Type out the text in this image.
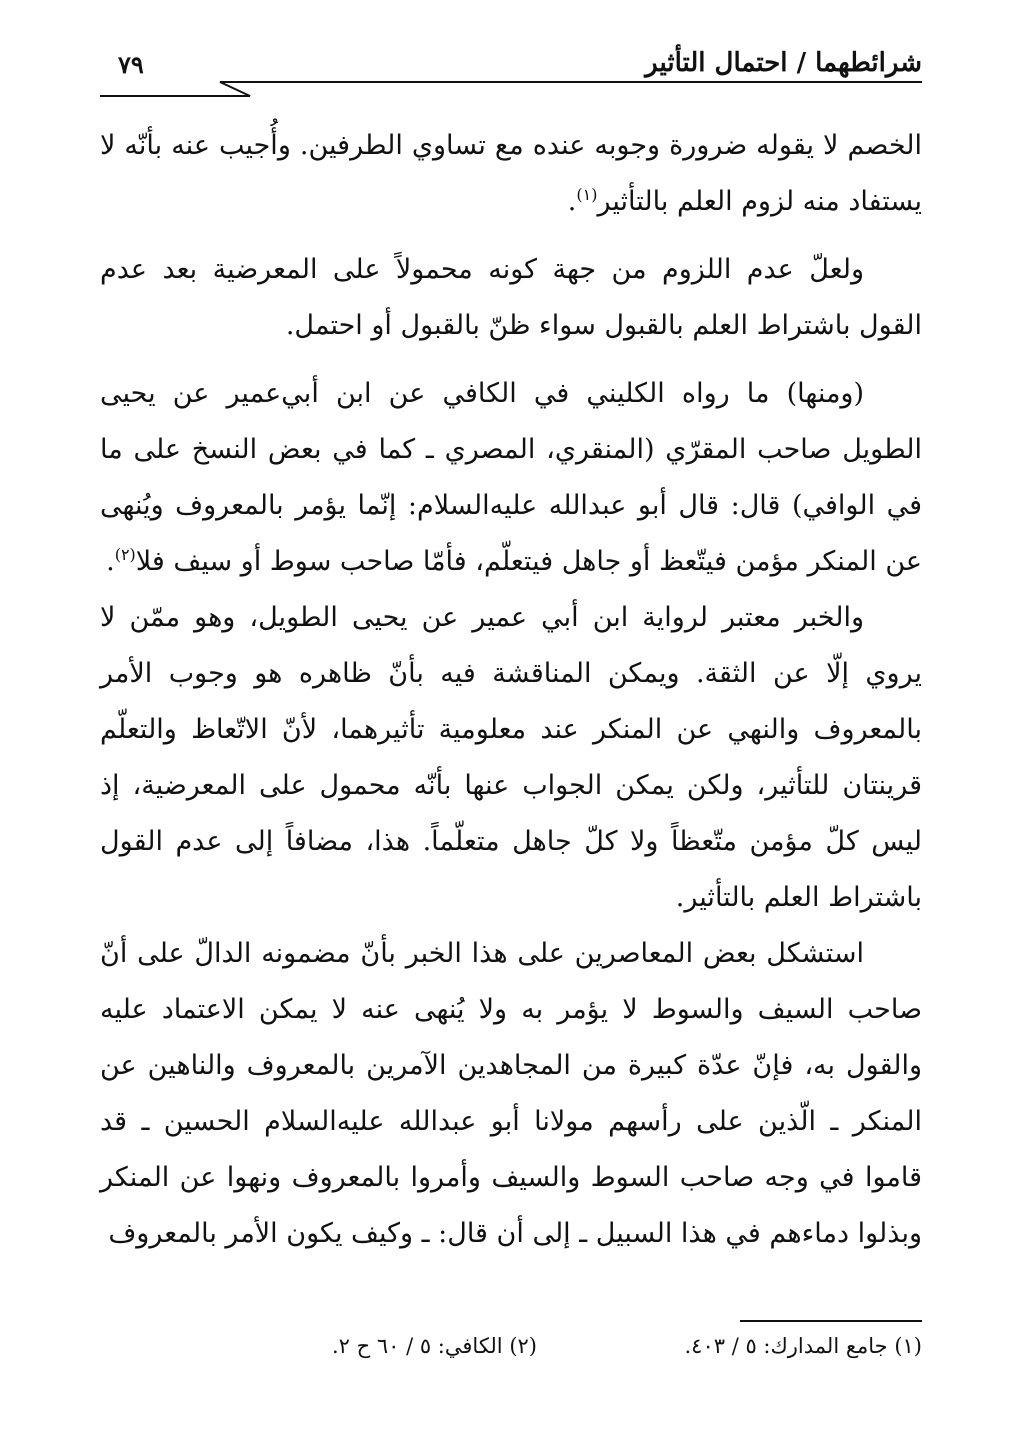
شرائطهما / احتمال التأثير
٧٩

الخصم لا يقوله ضرورة وجوبه عنده مع تساوي الطرفين. وأُجيب عنه بأنّه لا يستفاد منه لزوم العلم بالتأثير$^{(١)}$.

ولعلّ عدم اللزوم من جهة كونه محمولاً على المعرضية بعد عدم القول باشتراط العلم بالقبول سواء ظنّ بالقبول أو احتمل.

(ومنها) ما رواه الكليني في الكافي عن ابن أبي‌عمير عن يحيى الطويل صاحب المقرّي (المنقري، المصري ـ كما في بعض النسخ على ما في الوافي) قال: قال أبو عبدالله عليه‌السلام: إنّما يؤمر بالمعروف ويُنهى عن المنكر مؤمن فيتّعظ أو جاهل فيتعلّم، فأمّا صاحب سوط أو سيف فلا$^{(٢)}$.

والخبر معتبر لرواية ابن أبي عمير عن يحيى الطويل، وهو ممّن لا يروي إلّا عن الثقة. ويمكن المناقشة فيه بأنّ ظاهره هو وجوب الأمر بالمعروف والنهي عن المنكر عند معلومية تأثيرهما، لأنّ الاتّعاظ والتعلّم قرينتان للتأثير، ولكن يمكن الجواب عنها بأنّه محمول على المعرضية، إذ ليس كلّ مؤمن متّعظاً ولا كلّ جاهل متعلّماً. هذا، مضافاً إلى عدم القول باشتراط العلم بالتأثير.

استشكل بعض المعاصرين على هذا الخبر بأنّ مضمونه الدالّ على أنّ صاحب السيف والسوط لا يؤمر به ولا يُنهى عنه لا يمكن الاعتماد عليه والقول به، فإنّ عدّة كبيرة من المجاهدين الآمرين بالمعروف والناهين عن المنكر ـ الّذين على رأسهم مولانا أبو عبدالله عليه‌السلام الحسين ـ قد قاموا في وجه صاحب السوط والسيف وأمروا بالمعروف ونهوا عن المنكر وبذلوا دماءهم في هذا السبيل ـ إلى أن قال: ـ وكيف يكون الأمر بالمعروف

(١) جامع المدارك: ٥ / ٤٠٣.
(٢) الكافي: ٥ / ٦٠ ح ٢.
